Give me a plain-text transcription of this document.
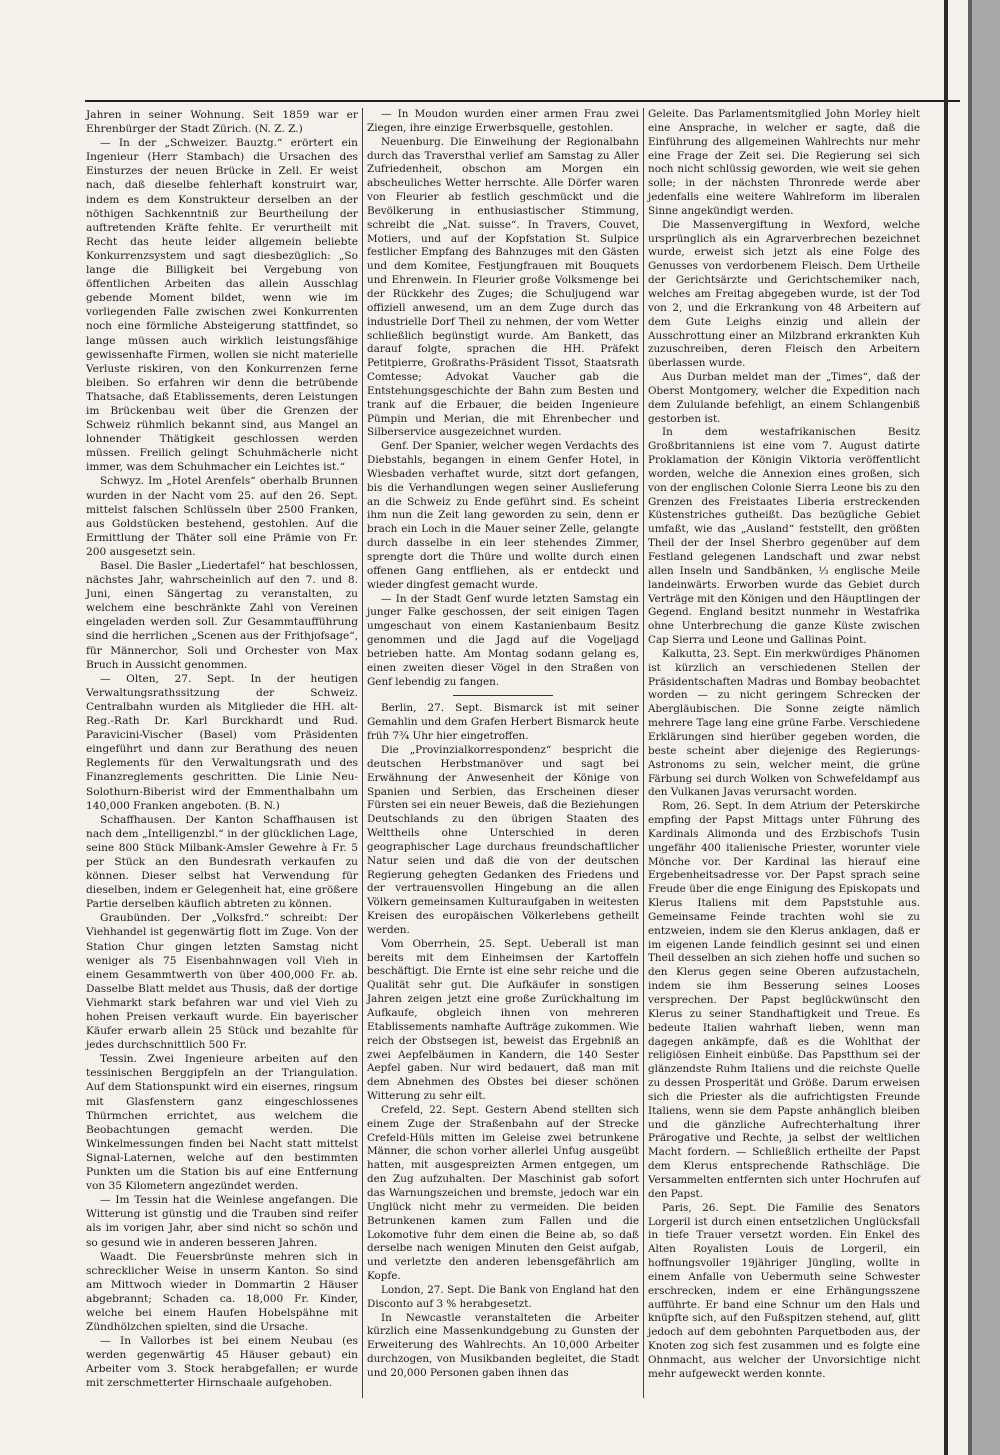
Jahren in seiner Wohnung. Seit 1859 war er Ehrenbürger der Stadt Zürich. (N. Z. Z.)

— In der „Schweizer. Bauztg.“ erörtert ein Ingenieur (Herr Stambach) die Ursachen des Einsturzes der neuen Brücke in Zell. Er weist nach, daß dieselbe fehlerhaft konstruirt war, indem es dem Konstrukteur derselben an der nöthigen Sachkenntniß zur Beurtheilung der auftretenden Kräfte fehlte. Er verurtheilt mit Recht das heute leider allgemein beliebte Konkurrenzsystem und sagt diesbezüglich: „So lange die Billigkeit bei Vergebung von öffentlichen Arbeiten das allein Ausschlag gebende Moment bildet, wenn wie im vorliegenden Falle zwischen zwei Konkurrenten noch eine förmliche Absteigerung stattfindet, so lange müssen auch wirklich leistungsfähige gewissenhafte Firmen, wollen sie nicht materielle Verluste riskiren, von den Konkurrenzen ferne bleiben. So erfahren wir denn die betrübende Thatsache, daß Etablissements, deren Leistungen im Brückenbau weit über die Grenzen der Schweiz rühmlich bekannt sind, aus Mangel an lohnender Thätigkeit geschlossen werden müssen. Freilich gelingt Schuhmächerle nicht immer, was dem Schuhmacher ein Leichtes ist.“

Schwyz. Im „Hotel Arenfels“ oberhalb Brunnen wurden in der Nacht vom 25. auf den 26. Sept. mittelst falschen Schlüsseln über 2500 Franken, aus Goldstücken bestehend, gestohlen. Auf die Ermittlung der Thäter soll eine Prämie von Fr. 200 ausgesetzt sein.

Basel. Die Basler „Liedertafel“ hat beschlossen, nächstes Jahr, wahrscheinlich auf den 7. und 8. Juni, einen Sängertag zu veranstalten, zu welchem eine beschränkte Zahl von Vereinen eingeladen werden soll. Zur Gesammtaufführung sind die herrlichen „Scenen aus der Frithjofsage“, für Männerchor, Soli und Orchester von Max Bruch in Aussicht genommen.

— Olten, 27. Sept. In der heutigen Verwaltungsrathssitzung der Schweiz. Centralbahn wurden als Mitglieder die HH. alt-Reg.-Rath Dr. Karl Burckhardt und Rud. Paravicini-Vischer (Basel) vom Präsidenten eingeführt und dann zur Berathung des neuen Reglements für den Verwaltungsrath und des Finanzreglements geschritten. Die Linie Neu-Solothurn-Biberist wird der Emmenthalbahn um 140,000 Franken angeboten. (B. N.)

Schaffhausen. Der Kanton Schaffhausen ist nach dem „Intelligenzbl.“ in der glücklichen Lage, seine 800 Stück Milbank-Amsler Gewehre à Fr. 5 per Stück an den Bundesrath verkaufen zu können. Dieser selbst hat Verwendung für dieselben, indem er Gelegenheit hat, eine größere Partie derselben käuflich abtreten zu können.

Graubünden. Der „Volksfrd.“ schreibt: Der Viehhandel ist gegenwärtig flott im Zuge. Von der Station Chur gingen letzten Samstag nicht weniger als 75 Eisenbahnwagen voll Vieh in einem Gesammtwerth von über 400,000 Fr. ab. Dasselbe Blatt meldet aus Thusis, daß der dortige Viehmarkt stark befahren war und viel Vieh zu hohen Preisen verkauft wurde. Ein bayerischer Käufer erwarb allein 25 Stück und bezahlte für jedes durchschnittlich 500 Fr.

Tessin. Zwei Ingenieure arbeiten auf den tessinischen Berggipfeln an der Triangulation. Auf dem Stationspunkt wird ein eisernes, ringsum mit Glasfenstern ganz eingeschlossenes Thürmchen errichtet, aus welchem die Beobachtungen gemacht werden. Die Winkelmessungen finden bei Nacht statt mittelst Signal-Laternen, welche auf den bestimmten Punkten um die Station bis auf eine Entfernung von 35 Kilometern angezündet werden.

— Im Tessin hat die Weinlese angefangen. Die Witterung ist günstig und die Trauben sind reifer als im vorigen Jahr, aber sind nicht so schön und so gesund wie in anderen besseren Jahren.

Waadt. Die Feuersbrünste mehren sich in schrecklicher Weise in unserm Kanton. So sind am Mittwoch wieder in Dommartin 2 Häuser abgebrannt; Schaden ca. 18,000 Fr. Kinder, welche bei einem Haufen Hobelspähne mit Zündhölzchen spielten, sind die Ursache.

— In Vallorbes ist bei einem Neubau (es werden gegenwärtig 45 Häuser gebaut) ein Arbeiter vom 3. Stock herabgefallen; er wurde mit zerschmetterter Hirnschaale aufgehoben.

— In Moudon wurden einer armen Frau zwei Ziegen, ihre einzige Erwerbsquelle, gestohlen.

Neuenburg. Die Einweihung der Regionalbahn durch das Traversthal verlief am Samstag zu Aller Zufriedenheit, obschon am Morgen ein abscheuliches Wetter herrschte. Alle Dörfer waren von Fleurier ab festlich geschmückt und die Bevölkerung in enthusiastischer Stimmung, schreibt die „Nat. suisse“. In Travers, Couvet, Motiers, und auf der Kopfstation St. Sulpice festlicher Empfang des Bahnzuges mit den Gästen und dem Komitee, Festjungfrauen mit Bouquets und Ehrenwein. In Fleurier große Volksmenge bei der Rückkehr des Zuges; die Schuljugend war offiziell anwesend, um an dem Zuge durch das industrielle Dorf Theil zu nehmen, der vom Wetter schließlich begünstigt wurde. Am Bankett, das darauf folgte, sprachen die HH. Präfekt Petitpierre, Großraths-Präsident Tissot, Staatsrath Comtesse; Advokat Vaucher gab die Entstehungsgeschichte der Bahn zum Besten und trank auf die Erbauer, die beiden Ingenieure Pümpin und Merian, die mit Ehrenbecher und Silberservice ausgezeichnet wurden.

Genf. Der Spanier, welcher wegen Verdachts des Diebstahls, begangen in einem Genfer Hotel, in Wiesbaden verhaftet wurde, sitzt dort gefangen, bis die Verhandlungen wegen seiner Auslieferung an die Schweiz zu Ende geführt sind. Es scheint ihm nun die Zeit lang geworden zu sein, denn er brach ein Loch in die Mauer seiner Zelle, gelangte durch dasselbe in ein leer stehendes Zimmer, sprengte dort die Thüre und wollte durch einen offenen Gang entfliehen, als er entdeckt und wieder dingfest gemacht wurde.

— In der Stadt Genf wurde letzten Samstag ein junger Falke geschossen, der seit einigen Tagen umgeschaut von einem Kastanienbaum Besitz genommen und die Jagd auf die Vogeljagd betrieben hatte. Am Montag sodann gelang es, einen zweiten dieser Vögel in den Straßen von Genf lebendig zu fangen.

Berlin, 27. Sept. Bismarck ist mit seiner Gemahlin und dem Grafen Herbert Bismarck heute früh 7¾ Uhr hier eingetroffen.

Die „Provinzialkorrespondenz“ bespricht die deutschen Herbstmanöver und sagt bei Erwähnung der Anwesenheit der Könige von Spanien und Serbien, das Erscheinen dieser Fürsten sei ein neuer Beweis, daß die Beziehungen Deutschlands zu den übrigen Staaten des Welttheils ohne Unterschied in deren geographischer Lage durchaus freundschaftlicher Natur seien und daß die von der deutschen Regierung gehegten Gedanken des Friedens und der vertrauensvollen Hingebung an die allen Völkern gemeinsamen Kulturaufgaben in weitesten Kreisen des europäischen Völkerlebens getheilt werden.

Vom Oberrhein, 25. Sept. Ueberall ist man bereits mit dem Einheimsen der Kartoffeln beschäftigt. Die Ernte ist eine sehr reiche und die Qualität sehr gut. Die Aufkäufer in sonstigen Jahren zeigen jetzt eine große Zurückhaltung im Aufkaufe, obgleich ihnen von mehreren Etablissements namhafte Aufträge zukommen. Wie reich der Obstsegen ist, beweist das Ergebniß an zwei Aepfelbäumen in Kandern, die 140 Sester Aepfel gaben. Nur wird bedauert, daß man mit dem Abnehmen des Obstes bei dieser schönen Witterung zu sehr eilt.

Crefeld, 22. Sept. Gestern Abend stellten sich einem Zuge der Straßenbahn auf der Strecke Crefeld-Hüls mitten im Geleise zwei betrunkene Männer, die schon vorher allerlei Unfug ausgeübt hatten, mit ausgespreizten Armen entgegen, um den Zug aufzuhalten. Der Maschinist gab sofort das Warnungszeichen und bremste, jedoch war ein Unglück nicht mehr zu vermeiden. Die beiden Betrunkenen kamen zum Fallen und die Lokomotive fuhr dem einen die Beine ab, so daß derselbe nach wenigen Minuten den Geist aufgab, und verletzte den anderen lebensgefährlich am Kopfe.

London, 27. Sept. Die Bank von England hat den Disconto auf 3 % herabgesetzt.

In Newcastle veranstalteten die Arbeiter kürzlich eine Massenkundgebung zu Gunsten der Erweiterung des Wahlrechts. An 10,000 Arbeiter durchzogen, von Musikbanden begleitet, die Stadt und 20,000 Personen gaben ihnen das

Geleite. Das Parlamentsmitglied John Morley hielt eine Ansprache, in welcher er sagte, daß die Einführung des allgemeinen Wahlrechts nur mehr eine Frage der Zeit sei. Die Regierung sei sich noch nicht schlüssig geworden, wie weit sie gehen solle; in der nächsten Thronrede werde aber jedenfalls eine weitere Wahlreform im liberalen Sinne angekündigt werden.

Die Massenvergiftung in Wexford, welche ursprünglich als ein Agrarverbrechen bezeichnet wurde, erweist sich jetzt als eine Folge des Genusses von verdorbenem Fleisch. Dem Urtheile der Gerichtsärzte und Gerichtschemiker nach, welches am Freitag abgegeben wurde, ist der Tod von 2, und die Erkrankung von 48 Arbeitern auf dem Gute Leighs einzig und allein der Ausschrottung einer an Milzbrand erkrankten Kuh zuzuschreiben, deren Fleisch den Arbeitern überlassen wurde.

Aus Durban meldet man der „Times“, daß der Oberst Montgomery, welcher die Expedition nach dem Zululande befehligt, an einem Schlangenbiß gestorben ist.

In dem westafrikanischen Besitz Großbritanniens ist eine vom 7. August datirte Proklamation der Königin Viktoria veröffentlicht worden, welche die Annexion eines großen, sich von der englischen Colonie Sierra Leone bis zu den Grenzen des Freistaates Liberia erstreckenden Küstenstriches gutheißt. Das bezügliche Gebiet umfaßt, wie das „Ausland“ feststellt, den größten Theil der der Insel Sherbro gegenüber auf dem Festland gelegenen Landschaft und zwar nebst allen Inseln und Sandbänken, ⅓ englische Meile landeinwärts. Erworben wurde das Gebiet durch Verträge mit den Königen und den Häuptlingen der Gegend. England besitzt nunmehr in Westafrika ohne Unterbrechung die ganze Küste zwischen Cap Sierra und Leone und Gallinas Point.

Kalkutta, 23. Sept. Ein merkwürdiges Phänomen ist kürzlich an verschiedenen Stellen der Präsidentschaften Madras und Bombay beobachtet worden — zu nicht geringem Schrecken der Abergläubischen. Die Sonne zeigte nämlich mehrere Tage lang eine grüne Farbe. Verschiedene Erklärungen sind hierüber gegeben worden, die beste scheint aber diejenige des Regierungs-Astronoms zu sein, welcher meint, die grüne Färbung sei durch Wolken von Schwefeldampf aus den Vulkanen Javas verursacht worden.

Rom, 26. Sept. In dem Atrium der Peterskirche empfing der Papst Mittags unter Führung des Kardinals Alimonda und des Erzbischofs Tusin ungefähr 400 italienische Priester, worunter viele Mönche vor. Der Kardinal las hierauf eine Ergebenheitsadresse vor. Der Papst sprach seine Freude über die enge Einigung des Episkopats und Klerus Italiens mit dem Papststuhle aus. Gemeinsame Feinde trachten wohl sie zu entzweien, indem sie den Klerus anklagen, daß er im eigenen Lande feindlich gesinnt sei und einen Theil desselben an sich ziehen hoffe und suchen so den Klerus gegen seine Oberen aufzustacheln, indem sie ihm Besserung seines Looses versprechen. Der Papst beglückwünscht den Klerus zu seiner Standhaftigkeit und Treue. Es bedeute Italien wahrhaft lieben, wenn man dagegen ankämpfe, daß es die Wohlthat der religiösen Einheit einbüße. Das Papstthum sei der glänzendste Ruhm Italiens und die reichste Quelle zu dessen Prosperität und Größe. Darum erweisen sich die Priester als die aufrichtigsten Freunde Italiens, wenn sie dem Papste anhänglich bleiben und die gänzliche Aufrechterhaltung ihrer Prärogative und Rechte, ja selbst der weltlichen Macht fordern. — Schließlich ertheilte der Papst dem Klerus entsprechende Rathschläge. Die Versammelten entfernten sich unter Hochrufen auf den Papst.

Paris, 26. Sept. Die Familie des Senators Lorgeril ist durch einen entsetzlichen Unglücksfall in tiefe Trauer versetzt worden. Ein Enkel des Alten Royalisten Louis de Lorgeril, ein hoffnungsvoller 19jähriger Jüngling, wollte in einem Anfalle von Uebermuth seine Schwester erschrecken, indem er eine Erhängungsszene aufführte. Er band eine Schnur um den Hals und knüpfte sich, auf den Fußspitzen stehend, auf, glitt jedoch auf dem gebohnten Parquetboden aus, der Knoten zog sich fest zusammen und es folgte eine Ohnmacht, aus welcher der Unvorsichtige nicht mehr aufgeweckt werden konnte.
